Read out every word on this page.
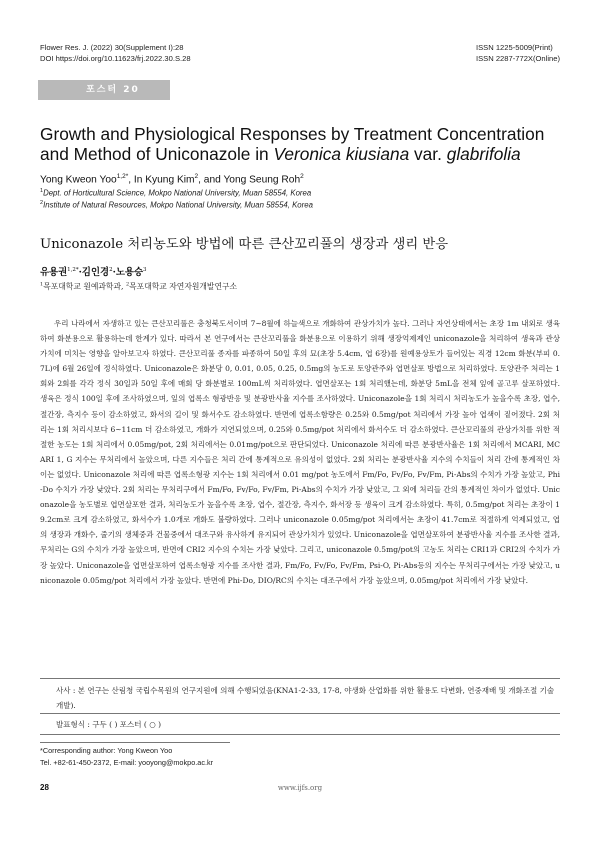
Flower Res. J. (2022) 30(Supplement I):28
DOI https://doi.org/10.11623/frj.2022.30.S.28
ISSN 1225-5009(Print)
ISSN 2287-772X(Online)
포스터 20
Growth and Physiological Responses by Treatment Concentration
and Method of Uniconazole in Veronica kiusiana var. glabrifolia
Yong Kweon Yoo$^{1,2*}$, In Kyung Kim$^2$, and Yong Seung Roh$^2$
$^1$Dept. of Horticultural Science, Mokpo National University, Muan 58554, Korea
$^2$Institute of Natural Resources, Mokpo National University, Muan 58554, Korea
Uniconazole 처리농도와 방법에 따른 큰산꼬리풀의 생장과 생리 반응
유용권$^{1,2*}$·김인경$^2$·노용승$^3$
$^1$목포대학교 원예과학과, $^2$목포대학교 자연자원개발연구소
우리 나라에서 자생하고 있는 큰산꼬리풀은 충청북도서이며 7~8월에 하늘색으로 개화하여 관상가치가 높다. 그러나 자연상태에서는 초장 1m 내외로 생육하여 화분용으로 활용하는데 한계가 있다. 따라서 본 연구에서는 큰산꼬리풀을 화분용으로 이용하기 위해 생장억제제인 uniconazole을 처리하여 생육과 관상가치에 미치는 영향을 알아보고자 하였다. 큰산꼬리풀 종자를 파종하여 50일 후의 묘(초장 5.4cm, 엽 6장)를 원예용상토가 들어있는 직경 12cm 화분(부피 0.7L)에 6월 26일에 정식하였다. Uniconazole은 화분당 0, 0.01, 0.05, 0.25, 0.5mg의 농도로 토양관주와 엽면살포 방법으로 처리하였다. 토양관주 처리는 1회와 2회를 각각 정식 30일과 50일 후에 매회 당 화분별로 100mL씩 처리하였다. 엽면살포는 1회 처리했는데, 화분당 5mL을 전체 잎에 골고루 살포하였다. 생육은 정식 100일 후에 조사하였으며, 잎의 엽록소 형광반응 및 분광반사율 지수를 조사하였다. Uniconazole을 1회 처리시 처리농도가 높을수록 초장, 엽수, 절간장, 측지수 등이 감소하였고, 화서의 길이 및 화서수도 감소하였다. 반면에 엽록소함량은 0.25와 0.5mg/pot 처리에서 가장 높아 엽색이 짙어졌다. 2회 처리는 1회 처리시보다 6~11cm 더 감소하였고, 개화가 지연되었으며, 0.25와 0.5mg/pot 처리에서 화서수도 더 감소하였다. 큰산꼬리풀의 관상가치를 위한 적절한 농도는 1회 처리에서 0.05mg/pot, 2회 처리에서는 0.01mg/pot으로 판단되었다. Uniconazole 처리에 따른 분광반사율은 1회 처리에서 MCARI, MCARI 1, G 지수는 무처리에서 높았으며, 다른 지수들은 처리 간에 통계적으로 유의성이 없었다. 2회 처리는 분광반사율 지수의 수치들이 처리 간에 통계적인 차이는 없었다. Uniconazole 처리에 따른 엽록소형광 지수는 1회 처리에서 0.01 mg/pot 농도에서 Fm/Fo, Fv/Fo, Fv/Fm, Pi-Abs의 수치가 가장 높았고, Phi-Do 수치가 가장 낮았다. 2회 처리는 무처리구에서 Fm/Fo, Fv/Fo, Fv/Fm, Pi-Abs의 수치가 가장 낮았고, 그 외에 처리들 간의 통계적인 차이가 없었다. Uniconazole을 농도별로 엽면살포한 결과, 처리농도가 높을수록 초장, 엽수, 절간장, 측지수, 화서장 등 생육이 크게 감소하였다. 특히, 0.5mg/pot 처리는 초장이 19.2cm로 크게 감소하였고, 화서수가 1.0개로 개화도 불량하였다. 그러나 uniconazole 0.05mg/pot 처리에서는 초장이 41.7cm로 적절하게 억제되었고, 엽의 생장과 개화수, 줄기의 생체중과 건물중에서 대조구와 유사하게 유지되어 관상가치가 있었다. Uniconazole을 엽면살포하여 분광반사율 지수를 조사한 결과, 무처리는 G의 수치가 가장 높았으며, 반면에 CRI2 지수의 수치는 가장 낮았다. 그리고, uniconazole 0.5mg/pot의 고농도 처리는 CRI1과 CRI2의 수치가 가장 높았다. Uniconazole을 엽면살포하여 엽록소형광 지수를 조사한 결과, Fm/Fo, Fv/Fo, Fv/Fm, Psi-O, Pi-Abs등의 지수는 무처리구에서는 가장 낮았고, uniconazole 0.05mg/pot 처리에서 가장 높았다. 반면에 Phi-Do, DIO/RC의 수치는 대조구에서 가장 높았으며, 0.05mg/pot 처리에서 가장 낮았다.
사사 : 본 연구는 산림청 국립수목원의 연구지원에 의해 수행되었음(KNA1-2-33, 17-8, 야생화 산업화를 위한 활용도 다변화, 연중재배 및 개화조절 기술 개발).
발표형식 : 구두 ( ) 포스터 ( ○ )
*Corresponding author: Yong Kweon Yoo
Tel. +82-61-450-2372, E-mail: yooyong@mokpo.ac.kr
28	www.ijfs.org
